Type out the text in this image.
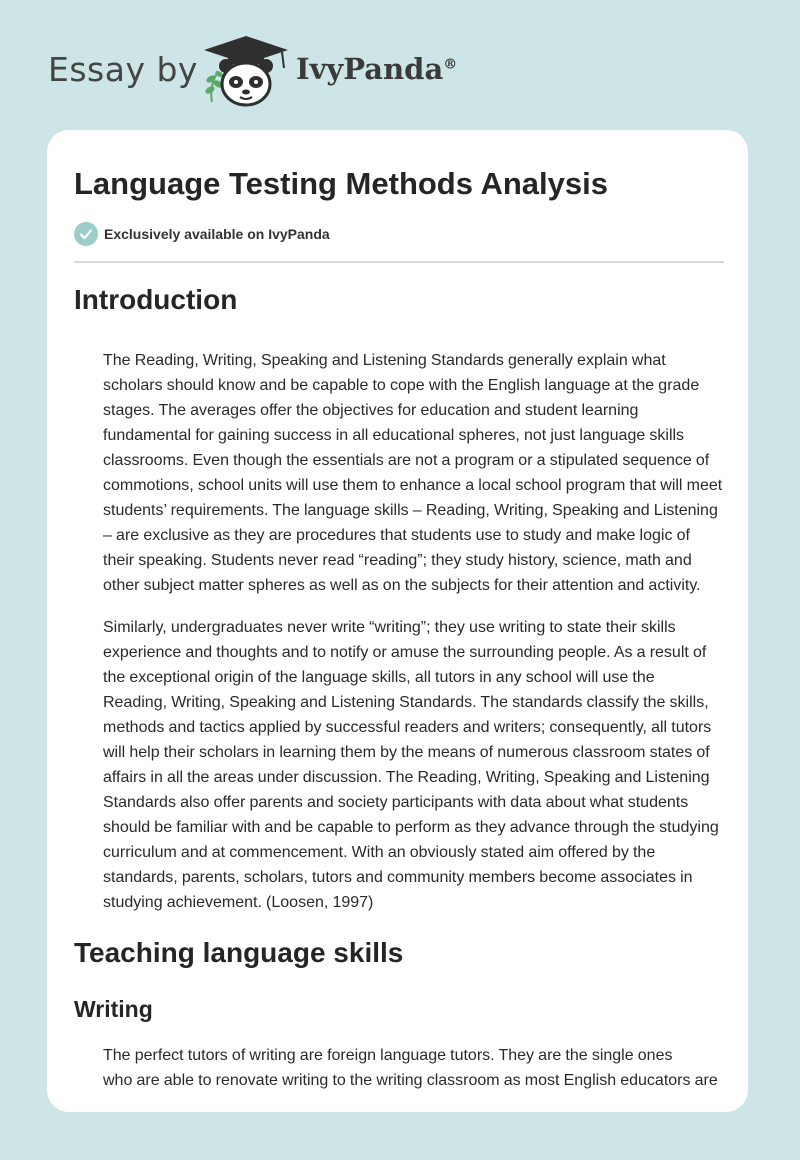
Essay by	IvyPanda®
Language Testing Methods Analysis
Exclusively available on IvyPanda
Introduction

The Reading, Writing, Speaking and Listening Standards generally explain what
scholars should know and be capable to cope with the English language at the grade
stages. The averages offer the objectives for education and student learning
fundamental for gaining success in all educational spheres, not just language skills
classrooms. Even though the essentials are not a program or a stipulated sequence of
commotions, school units will use them to enhance a local school program that will meet
students’ requirements. The language skills – Reading, Writing, Speaking and Listening
– are exclusive as they are procedures that students use to study and make logic of
their speaking. Students never read “reading”; they study history, science, math and
other subject matter spheres as well as on the subjects for their attention and activity.

Similarly, undergraduates never write “writing”; they use writing to state their skills
experience and thoughts and to notify or amuse the surrounding people. As a result of
the exceptional origin of the language skills, all tutors in any school will use the
Reading, Writing, Speaking and Listening Standards. The standards classify the skills,
methods and tactics applied by successful readers and writers; consequently, all tutors
will help their scholars in learning them by the means of numerous classroom states of
affairs in all the areas under discussion. The Reading, Writing, Speaking and Listening
Standards also offer parents and society participants with data about what students
should be familiar with and be capable to perform as they advance through the studying
curriculum and at commencement. With an obviously stated aim offered by the
standards, parents, scholars, tutors and community members become associates in
studying achievement. (Loosen, 1997)

Teaching language skills
Writing

The perfect tutors of writing are foreign language tutors. They are the single ones
who are able to renovate writing to the writing classroom as most English educators are
